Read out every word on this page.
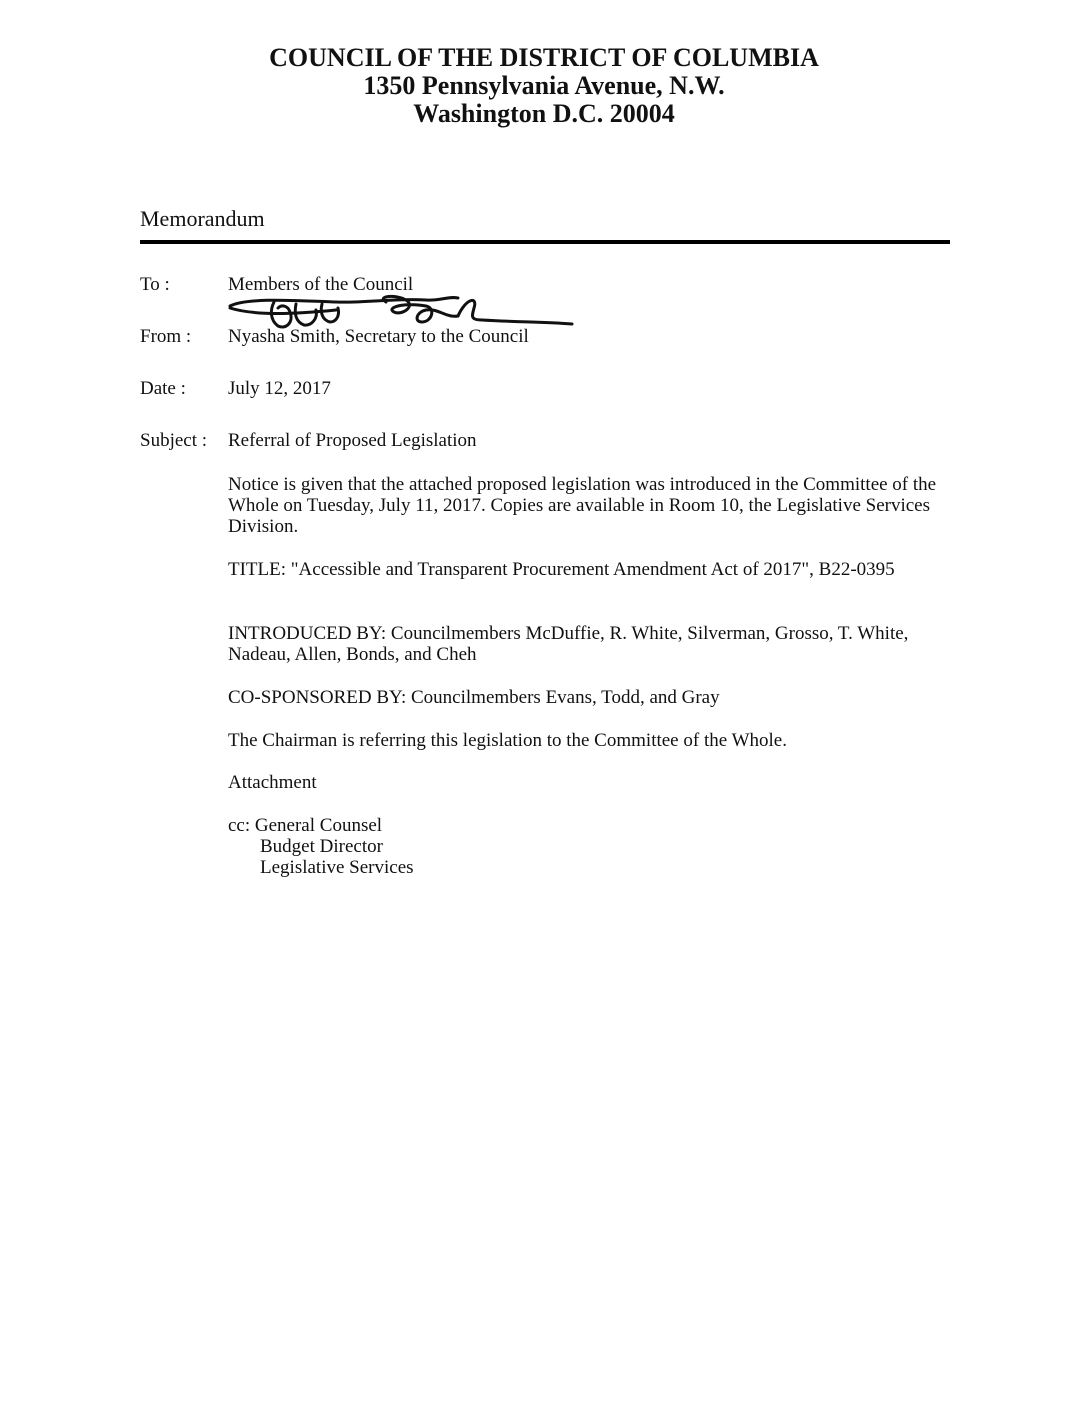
COUNCIL OF THE DISTRICT OF COLUMBIA
1350 Pennsylvania Avenue, N.W.
Washington D.C. 20004
Memorandum
To :	Members of the Council
From : Nyasha Smith, Secretary to the Council
Date : July 12, 2017
Subject : Referral of Proposed Legislation
Notice is given that the attached proposed legislation was introduced in the Committee of the Whole on Tuesday, July 11, 2017. Copies are available in Room 10, the Legislative Services Division.
TITLE: "Accessible and Transparent Procurement Amendment Act of 2017", B22-0395
INTRODUCED BY: Councilmembers McDuffie, R. White, Silverman, Grosso, T. White, Nadeau, Allen, Bonds, and Cheh
CO-SPONSORED BY: Councilmembers Evans, Todd, and Gray
The Chairman is referring this legislation to the Committee of the Whole.
Attachment
cc: General Counsel
Budget Director
Legislative Services
